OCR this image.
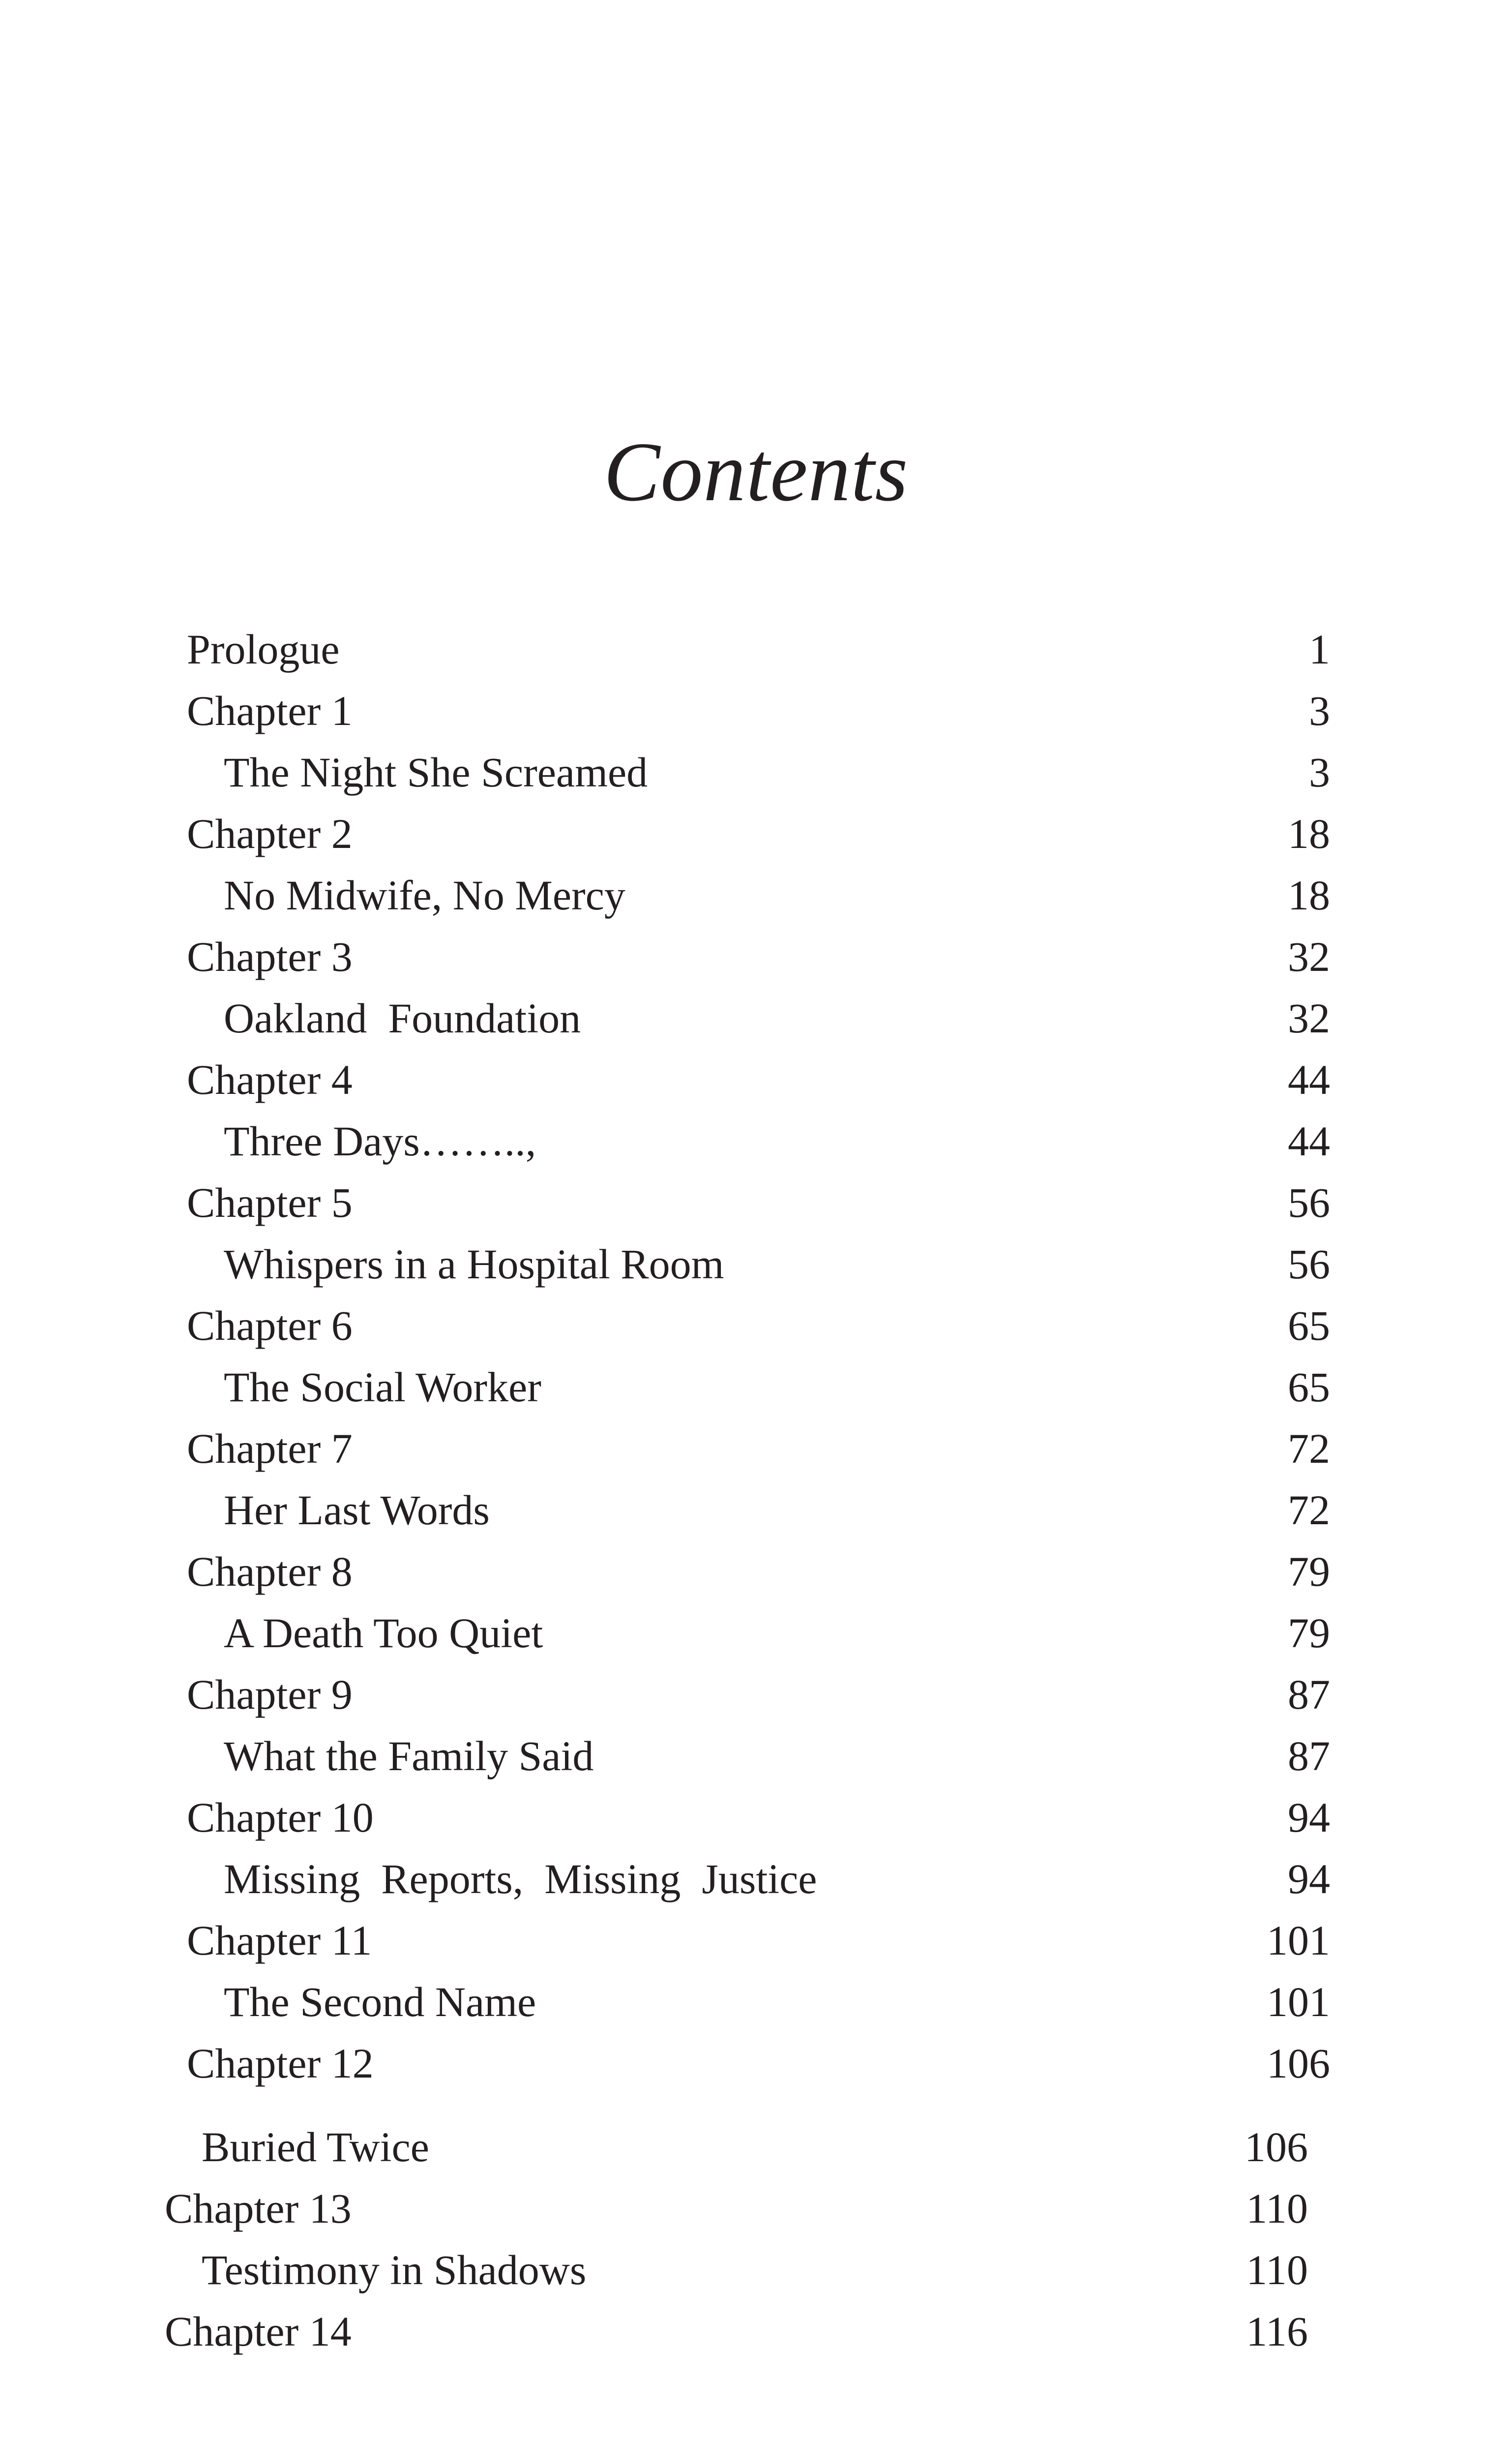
Contents
Prologue	1
Chapter 1	3
The Night She Screamed	3
Chapter 2	18
No Midwife, No Mercy	18
Chapter 3	32
Oakland  Foundation	32
Chapter 4	44
Three Days……..,	44
Chapter 5	56
Whispers in a Hospital Room	56
Chapter 6	65
The Social Worker	65
Chapter 7	72
Her Last Words	72
Chapter 8	79
A Death Too Quiet	79
Chapter 9	87
What the Family Said	87
Chapter 10	94
Missing  Reports,  Missing  Justice	94
Chapter 11	101
The Second Name	101
Chapter 12	106
Buried Twice	106
Chapter 13	110
Testimony in Shadows	110
Chapter 14	116
